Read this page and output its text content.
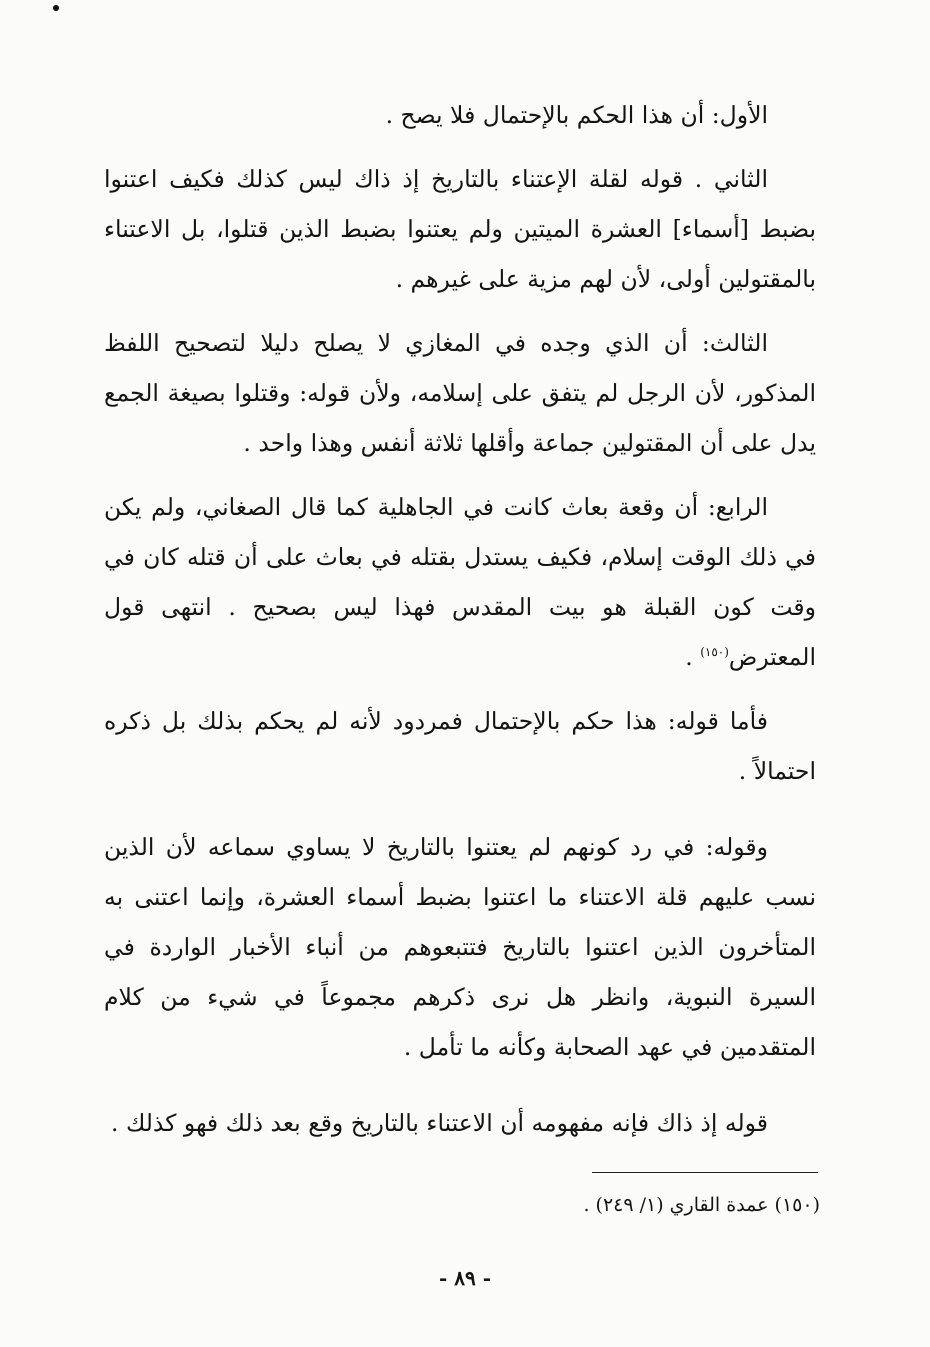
الأول: أن هذا الحكم بالإحتمال فلا يصح .

الثاني . قوله لقلة الإعتناء بالتاريخ إذ ذاك ليس كذلك فكيف اعتنوا بضبط [أسماء] العشرة الميتين ولم يعتنوا بضبط الذين قتلوا، بل الاعتناء بالمقتولين أولى، لأن لهم مزية على غيرهم .

الثالث: أن الذي وجده في المغازي لا يصلح دليلا لتصحيح اللفظ المذكور، لأن الرجل لم يتفق على إسلامه، ولأن قوله: وقتلوا بصيغة الجمع يدل على أن المقتولين جماعة وأقلها ثلاثة أنفس وهذا واحد .

الرابع: أن وقعة بعاث كانت في الجاهلية كما قال الصغاني، ولم يكن في ذلك الوقت إسلام، فكيف يستدل بقتله في بعاث على أن قتله كان في وقت كون القبلة هو بيت المقدس فهذا ليس بصحيح . انتهى قول المعترض$^{(١٥٠)}$ .

فأما قوله: هذا حكم بالإحتمال فمردود لأنه لم يحكم بذلك بل ذكره احتمالاً .

وقوله: في رد كونهم لم يعتنوا بالتاريخ لا يساوي سماعه لأن الذين نسب عليهم قلة الاعتناء ما اعتنوا بضبط أسماء العشرة، وإنما اعتنى به المتأخرون الذين اعتنوا بالتاريخ فتتبعوهم من أنباء الأخبار الواردة في السيرة النبوية، وانظر هل نرى ذكرهم مجموعاً في شيء من كلام المتقدمين في عهد الصحابة وكأنه ما تأمل .

قوله إذ ذاك فإنه مفهومه أن الاعتناء بالتاريخ وقع بعد ذلك فهو كذلك .

(١٥٠) عمدة القاري (١/ ٢٤٩) .
- ٨٩ -
